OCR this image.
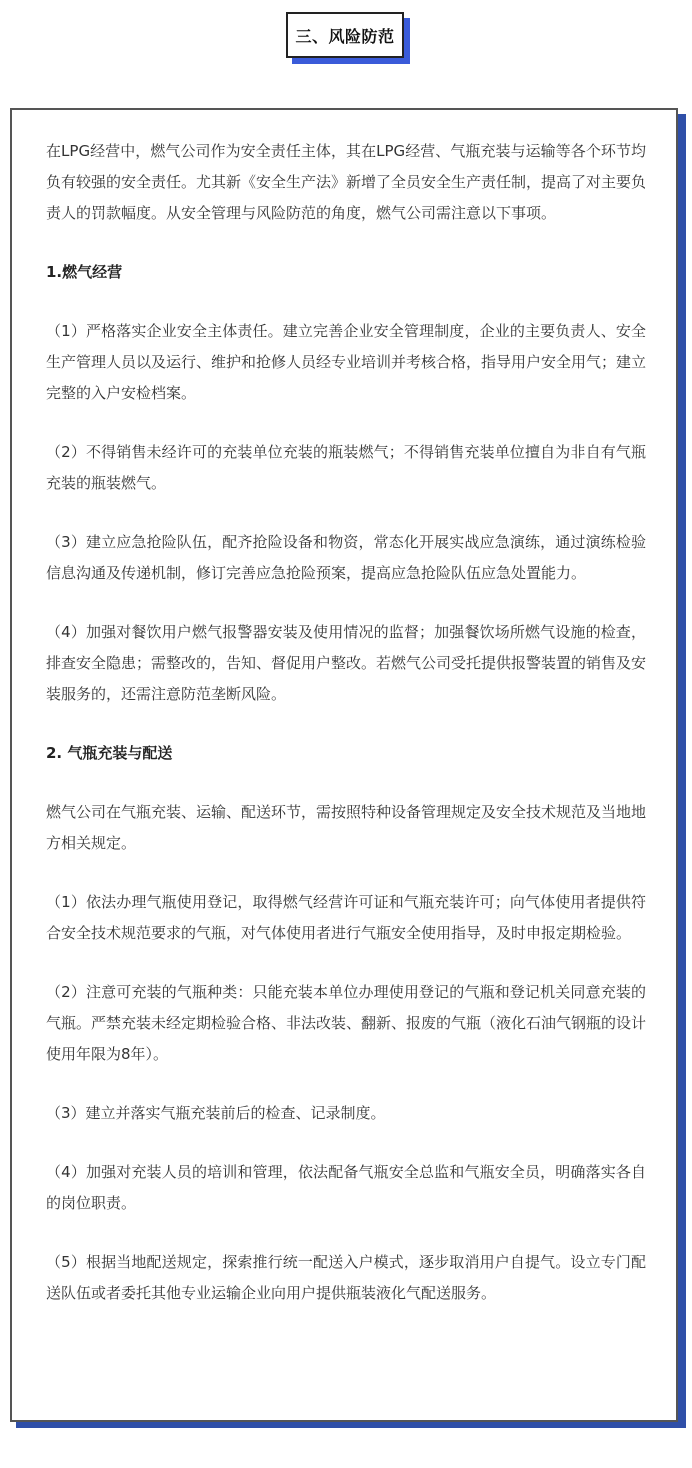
三、风险防范

在LPG经营中，燃气公司作为安全责任主体，其在LPG经营、气瓶充装与运输等各个环节均负有较强的安全责任。尤其新《安全生产法》新增了全员安全生产责任制，提高了对主要负责人的罚款幅度。从安全管理与风险防范的角度，燃气公司需注意以下事项。

1.燃气经营

（1）严格落实企业安全主体责任。建立完善企业安全管理制度，企业的主要负责人、安全生产管理人员以及运行、维护和抢修人员经专业培训并考核合格，指导用户安全用气；建立完整的入户安检档案。

（2）不得销售未经许可的充装单位充装的瓶装燃气；不得销售充装单位擅自为非自有气瓶充装的瓶装燃气。

（3）建立应急抢险队伍，配齐抢险设备和物资，常态化开展实战应急演练，通过演练检验信息沟通及传递机制，修订完善应急抢险预案，提高应急抢险队伍应急处置能力。

（4）加强对餐饮用户燃气报警器安装及使用情况的监督；加强餐饮场所燃气设施的检查，排查安全隐患；需整改的，告知、督促用户整改。若燃气公司受托提供报警装置的销售及安装服务的，还需注意防范垄断风险。

2. 气瓶充装与配送

燃气公司在气瓶充装、运输、配送环节，需按照特种设备管理规定及安全技术规范及当地地方相关规定。

（1）依法办理气瓶使用登记，取得燃气经营许可证和气瓶充装许可；向气体使用者提供符合安全技术规范要求的气瓶，对气体使用者进行气瓶安全使用指导，及时申报定期检验。

（2）注意可充装的气瓶种类：只能充装本单位办理使用登记的气瓶和登记机关同意充装的气瓶。严禁充装未经定期检验合格、非法改装、翻新、报废的气瓶（液化石油气钢瓶的设计使用年限为8年）。

（3）建立并落实气瓶充装前后的检查、记录制度。

（4）加强对充装人员的培训和管理，依法配备气瓶安全总监和气瓶安全员，明确落实各自的岗位职责。

（5）根据当地配送规定，探索推行统一配送入户模式，逐步取消用户自提气。设立专门配送队伍或者委托其他专业运输企业向用户提供瓶装液化气配送服务。
